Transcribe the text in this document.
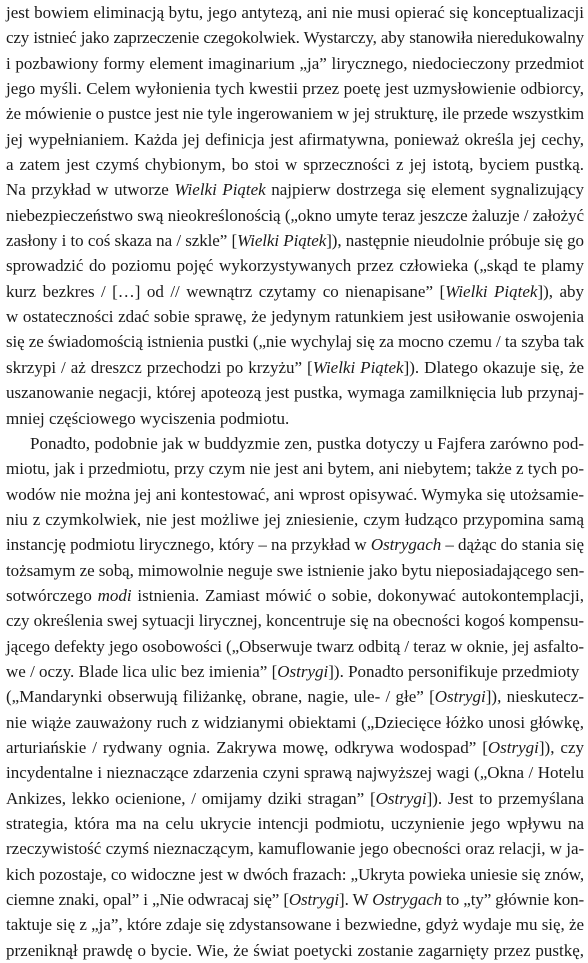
jest bowiem eliminacją bytu, jego antytezą, ani nie musi opierać się konceptualizacji
czy istnieć jako zaprzeczenie czegokolwiek. Wystarczy, aby stanowiła nieredukowalny
i pozbawiony formy element imaginarium „ja” lirycznego, niedocieczony przedmiot
jego myśli. Celem wyłonienia tych kwestii przez poetę jest uzmysłowienie odbiorcy,
że mówienie o pustce jest nie tyle ingerowaniem w jej strukturę, ile przede wszystkim
jej wypełnianiem. Każda jej definicja jest afirmatywna, ponieważ określa jej cechy,
a zatem jest czymś chybionym, bo stoi w sprzeczności z jej istotą, byciem pustką.
Na przykład w utworze Wielki Piątek najpierw dostrzega się element sygnalizujący
niebezpieczeństwo swą nieokreślonością („okno umyte teraz jeszcze żaluzje / założyć
zasłony i to coś skaza na / szkle” [Wielki Piątek]), następnie nieudolnie próbuje się go
sprowadzić do poziomu pojęć wykorzystywanych przez człowieka („skąd te plamy
kurz bezkres / […] od // wewnątrz czytamy co nienapisane” [Wielki Piątek]), aby
w ostateczności zdać sobie sprawę, że jedynym ratunkiem jest usiłowanie oswojenia
się ze świadomością istnienia pustki („nie wychylaj się za mocno czemu / ta szyba tak
skrzypi / aż dreszcz przechodzi po krzyżu” [Wielki Piątek]). Dlatego okazuje się, że
uszanowanie negacji, której apoteozą jest pustka, wymaga zamilknięcia lub przynaj-
mniej częściowego wyciszenia podmiotu.
Ponadto, podobnie jak w buddyzmie zen, pustka dotyczy u Fajfera zarówno pod-
miotu, jak i przedmiotu, przy czym nie jest ani bytem, ani niebytem; także z tych po-
wodów nie można jej ani kontestować, ani wprost opisywać. Wymyka się utożsamie-
niu z czymkolwiek, nie jest możliwe jej zniesienie, czym łudząco przypomina samą
instancję podmiotu lirycznego, który – na przykład w Ostrygach – dążąc do stania się
tożsamym ze sobą, mimowolnie neguje swe istnienie jako bytu nieposiadającego sen-
sotwórczego modi istnienia. Zamiast mówić o sobie, dokonywać autokontemplacji,
czy określenia swej sytuacji lirycznej, koncentruje się na obecności kogoś kompensu-
jącego defekty jego osobowości („Obserwuje twarz odbitą / teraz w oknie, jej asfalto-
we / oczy. Blade lica ulic bez imienia” [Ostrygi]). Ponadto personifikuje przedmioty
(„Mandarynki obserwują filiżankę, obrane, nagie, ule- / głe” [Ostrygi]), nieskutecz-
nie wiąże zauważony ruch z widzianymi obiektami („Dziecięce łóżko unosi główkę,
arturiańskie / rydwany ognia. Zakrywa mowę, odkrywa wodospad” [Ostrygi]), czy
incydentalne i nieznaczące zdarzenia czyni sprawą najwyższej wagi („Okna / Hotelu
Ankizes, lekko ocienione, / omijamy dziki stragan” [Ostrygi]). Jest to przemyślana
strategia, która ma na celu ukrycie intencji podmiotu, uczynienie jego wpływu na
rzeczywistość czymś nieznaczącym, kamuflowanie jego obecności oraz relacji, w ja-
kich pozostaje, co widoczne jest w dwóch frazach: „Ukryta powieka uniesie się znów,
ciemne znaki, opal” i „Nie odwracaj się” [Ostrygi]. W Ostrygach to „ty” głównie kon-
taktuje się z „ja”, które zdaje się zdystansowane i bezwiedne, gdyż wydaje mu się, że
przeniknął prawdę o bycie. Wie, że świat poetycki zostanie zagarnięty przez pustkę,
